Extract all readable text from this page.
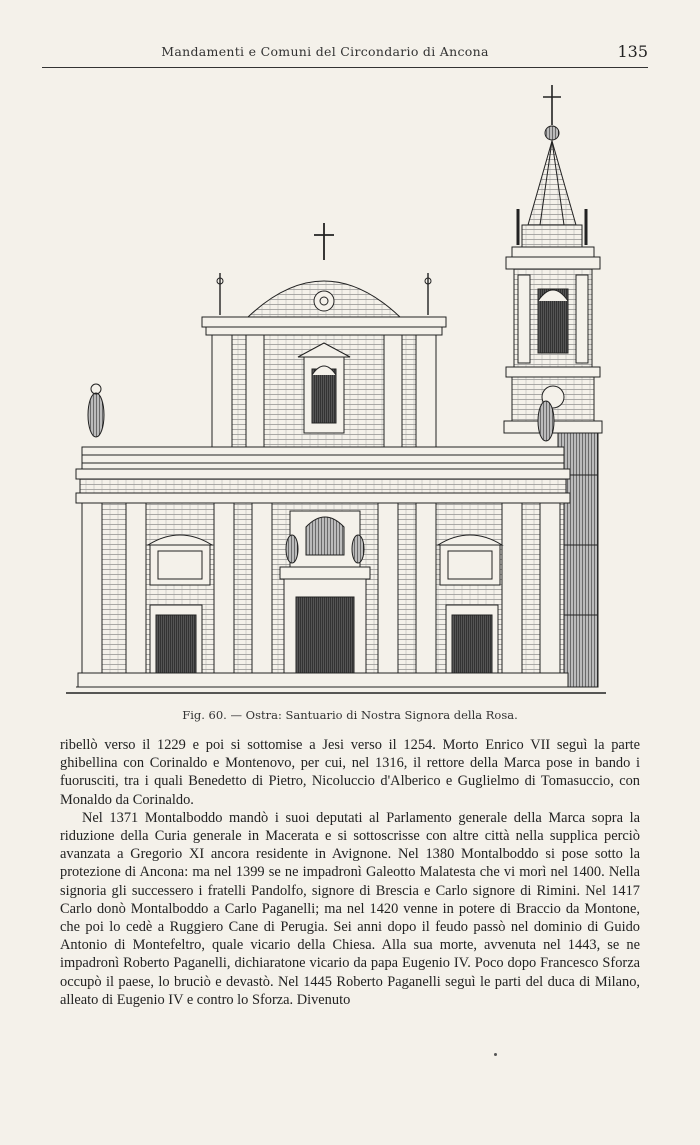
Mandamenti e Comuni del Circondario di Ancona	135
Fig. 60. — Ostra: Santuario di Nostra Signora della Rosa.

ribellò verso il 1229 e poi si sottomise a Jesi verso il 1254. Morto Enrico VII seguì la parte ghibellina con Corinaldo e Montenovo, per cui, nel 1316, il rettore della Marca pose in bando i fuorusciti, tra i quali Benedetto di Pietro, Nicoluccio d'Alberico e Guglielmo di Tomasuccio, con Monaldo da Corinaldo.

Nel 1371 Montalboddo mandò i suoi deputati al Parlamento generale della Marca sopra la riduzione della Curia generale in Macerata e si sottoscrisse con altre città nella supplica perciò avanzata a Gregorio XI ancora residente in Avignone. Nel 1380 Montalboddo si pose sotto la protezione di Ancona: ma nel 1399 se ne impadronì Galeotto Malatesta che vi morì nel 1400. Nella signoria gli successero i fratelli Pandolfo, signore di Brescia e Carlo signore di Rimini. Nel 1417 Carlo donò Montalboddo a Carlo Paganelli; ma nel 1420 venne in potere di Braccio da Montone, che poi lo cedè a Ruggiero Cane di Perugia. Sei anni dopo il feudo passò nel dominio di Guido Antonio di Montefeltro, quale vicario della Chiesa. Alla sua morte, avvenuta nel 1443, se ne impadronì Roberto Paganelli, dichiaratone vicario da papa Eugenio IV. Poco dopo Francesco Sforza occupò il paese, lo bruciò e devastò. Nel 1445 Roberto Paganelli seguì le parti del duca di Milano, alleato di Eugenio IV e contro lo Sforza. Divenuto
